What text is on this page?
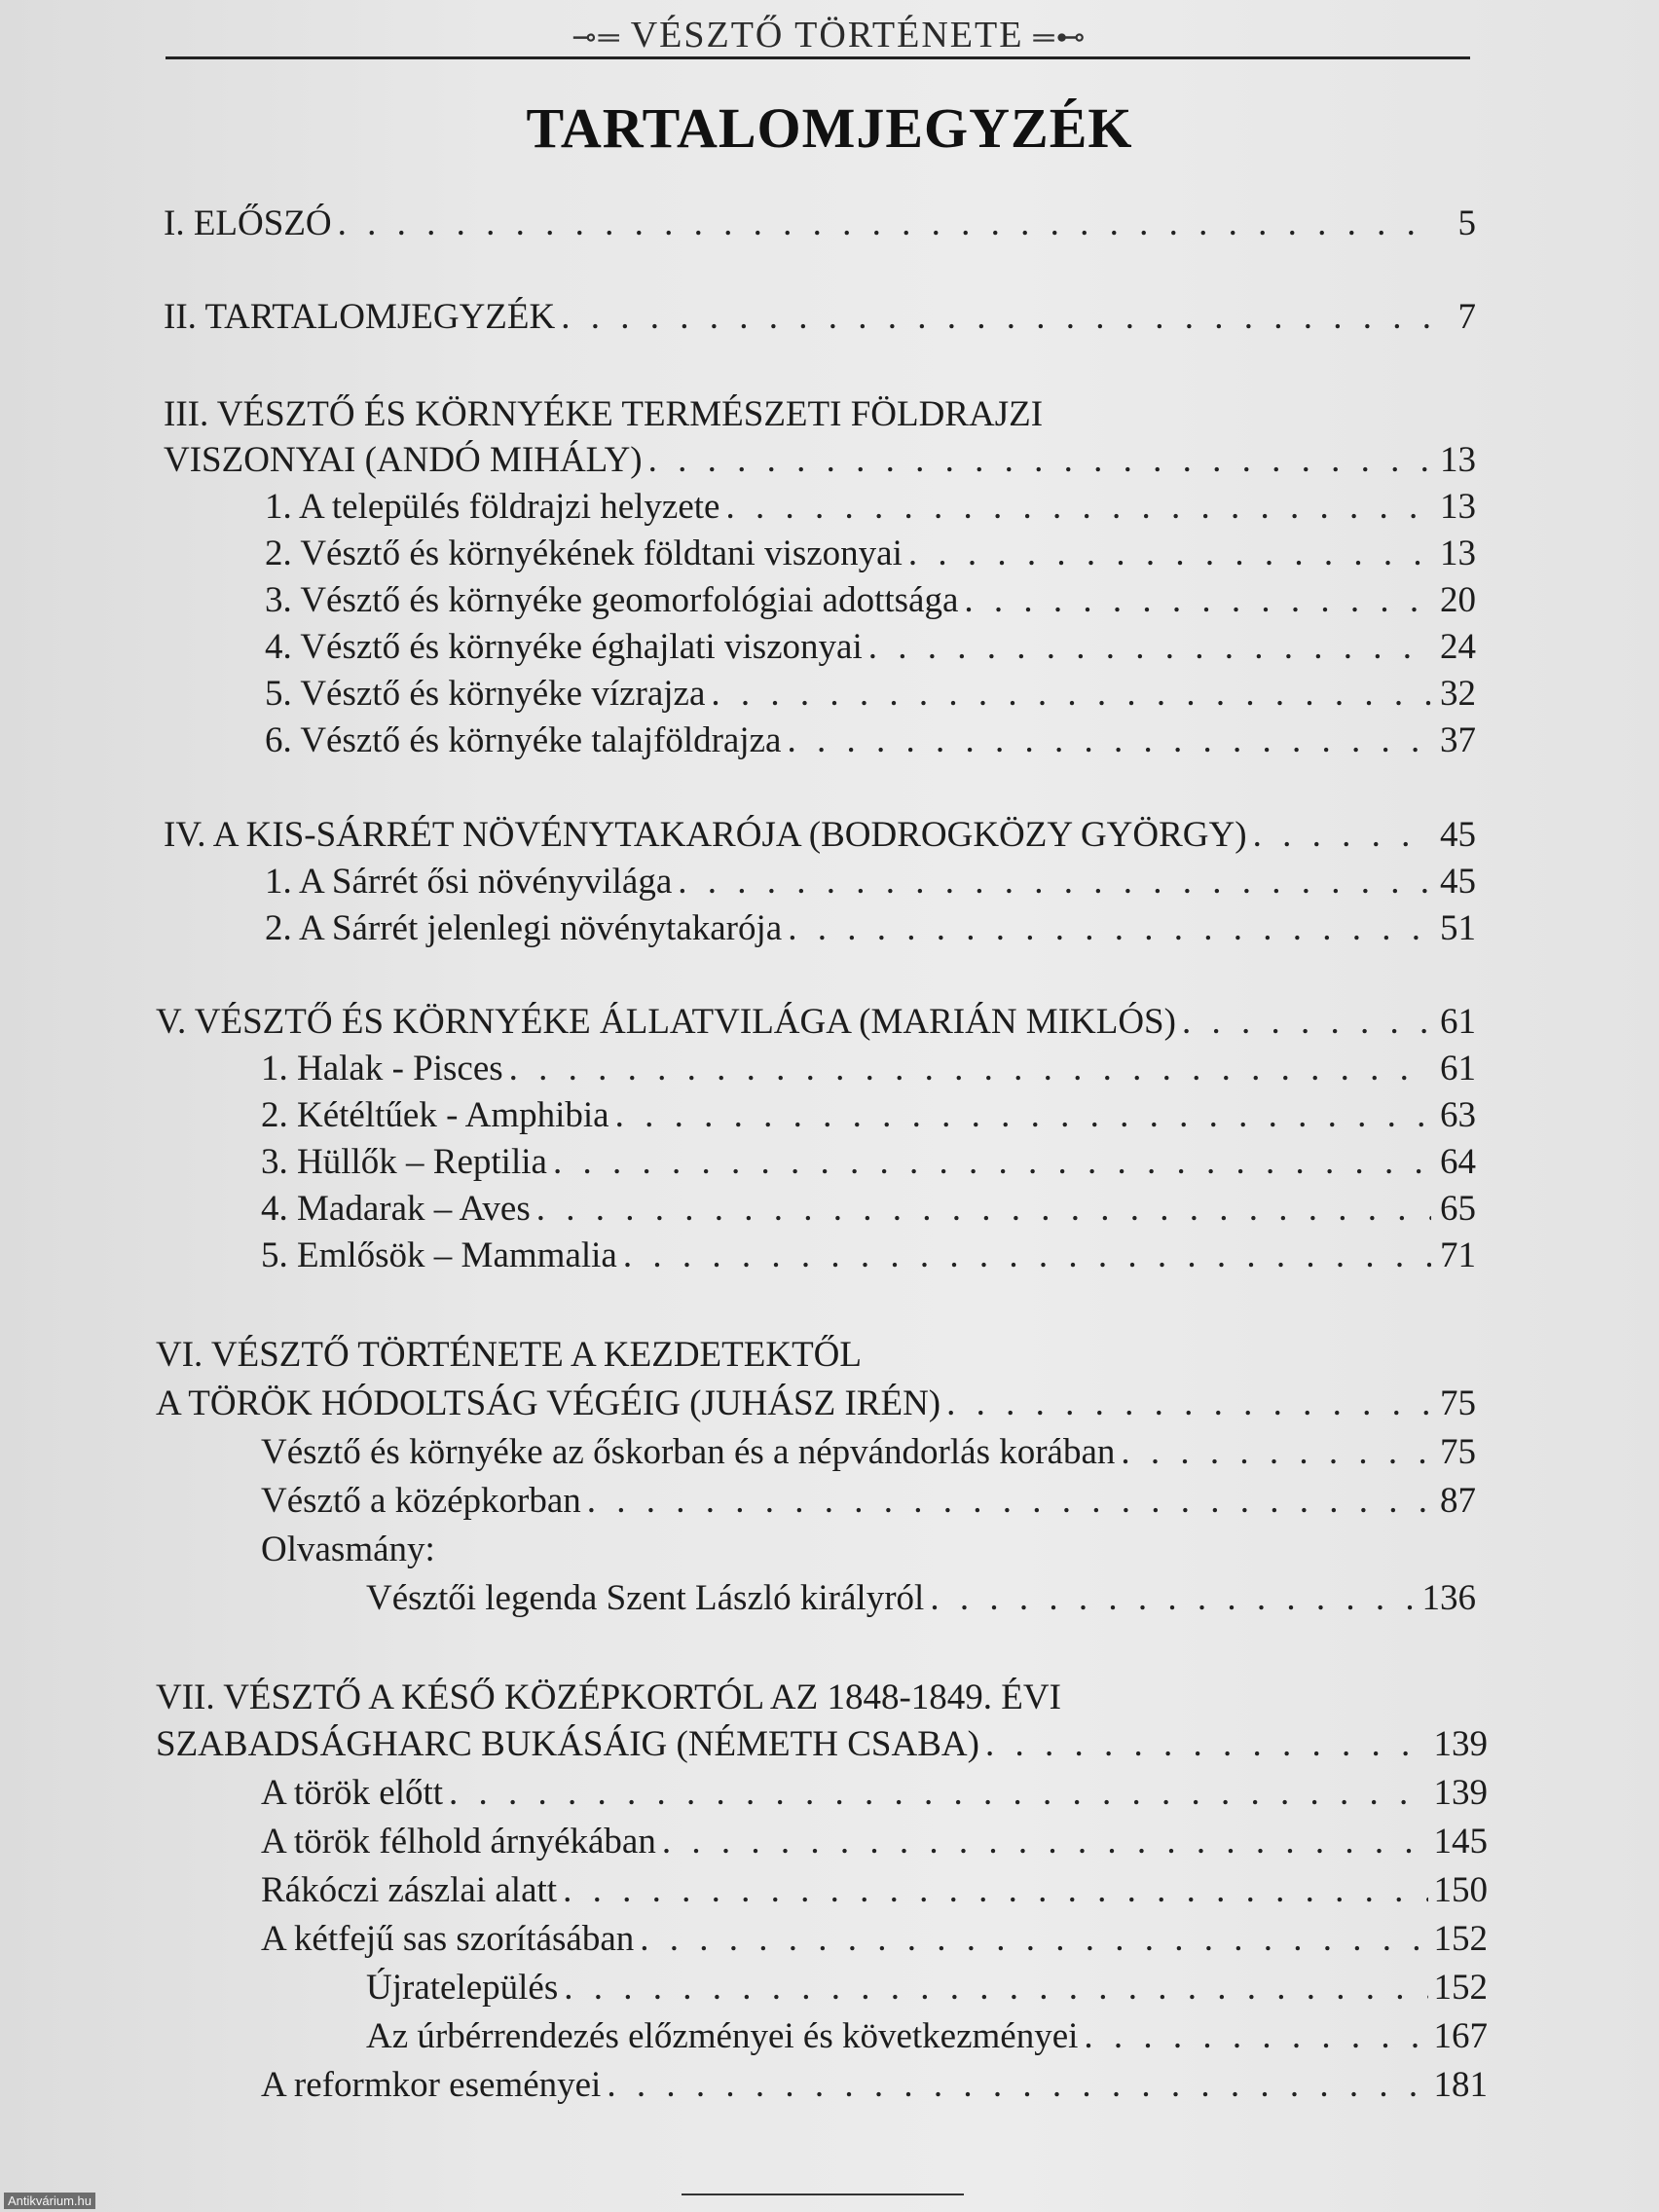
⊸═ VÉSZTŐ TÖRTÉNETE ═⊷
TARTALOMJEGYZÉK
I. ELŐSZÓ . . .	5
II. TARTALOMJEGYZÉK . . .	7
III. VÉSZTŐ ÉS KÖRNYÉKE TERMÉSZETI FÖLDRAJZI
VISZONYAI (ANDÓ MIHÁLY) . . .	13
1. A település földrajzi helyzete . . .	13
2. Vésztő és környékének földtani viszonyai . . .	13
3. Vésztő és környéke geomorfológiai adottsága . . .	20
4. Vésztő és környéke éghajlati viszonyai . . .	24
5. Vésztő és környéke vízrajza . . .	32
6. Vésztő és környéke talajföldrajza . . .	37
IV. A KIS-SÁRRÉT NÖVÉNYTAKARÓJA (BODROGKÖZY GYÖRGY) . . .	45
1. A Sárrét ősi növényvilága . . .	45
2. A Sárrét jelenlegi növénytakarója . . .	51
V. VÉSZTŐ ÉS KÖRNYÉKE ÁLLATVILÁGA (MARIÁN MIKLÓS) . . .	61
1. Halak - Pisces . . .	61
2. Kétéltűek - Amphibia . . .	63
3. Hüllők – Reptilia . . .	64
4. Madarak – Aves . . .	65
5. Emlősök – Mammalia . . .	71
VI. VÉSZTŐ TÖRTÉNETE A KEZDETEKTŐL
A TÖRÖK HÓDOLTSÁG VÉGÉIG (JUHÁSZ IRÉN) . . .	75
Vésztő és környéke az őskorban és a népvándorlás korában . . .	75
Vésztő a középkorban . . .	87
Olvasmány:
Vésztői legenda Szent László királyról . . .	136
VII. VÉSZTŐ A KÉSŐ KÖZÉPKORTÓL AZ 1848-1849. ÉVI
SZABADSÁGHARC BUKÁSÁIG (NÉMETH CSABA) . . .	139
A török előtt . . .	139
A török félhold árnyékában . . .	145
Rákóczi zászlai alatt . . .	150
A kétfejű sas szorításában . . .	152
Újratelepülés . . .	152
Az úrbérrendezés előzményei és következményei . . .	167
A reformkor eseményei . . .	181
Antikvárium.hu
